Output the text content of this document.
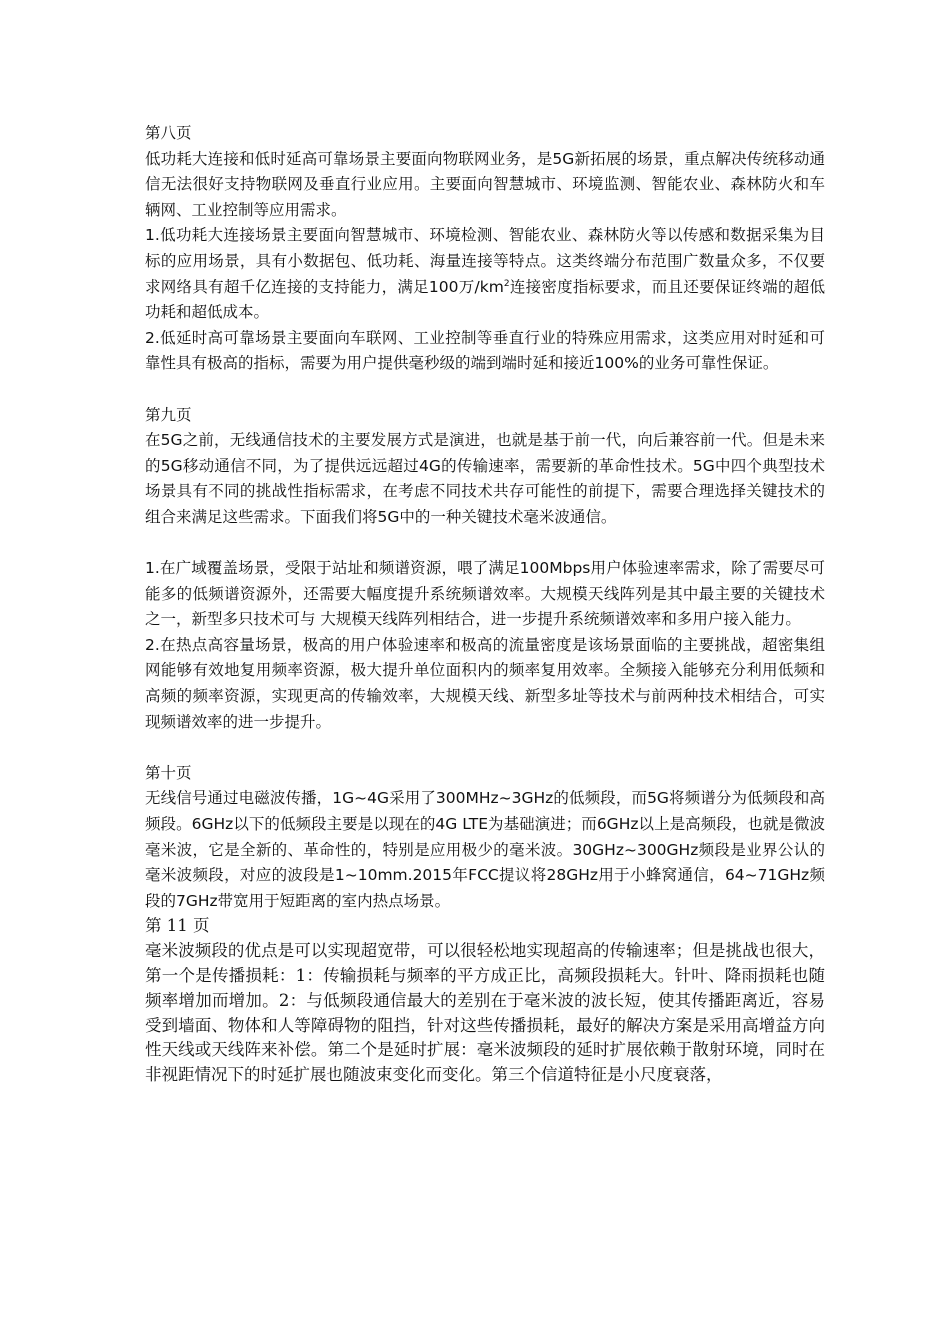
第八页

低功耗大连接和低时延高可靠场景主要面向物联网业务，是5G新拓展的场景，重点解决传统移动通信无法很好支持物联网及垂直行业应用。主要面向智慧城市、环境监测、智能农业、森林防火和车辆网、工业控制等应用需求。

1.低功耗大连接场景主要面向智慧城市、环境检测、智能农业、森林防火等以传感和数据采集为目标的应用场景，具有小数据包、低功耗、海量连接等特点。这类终端分布范围广数量众多，不仅要求网络具有超千亿连接的支持能力，满足100万$/km^2$连接密度指标要求，而且还要保证终端的超低功耗和超低成本。

2.低延时高可靠场景主要面向车联网、工业控制等垂直行业的特殊应用需求，这类应用对时延和可靠性具有极高的指标，需要为用户提供毫秒级的端到端时延和接近100%的业务可靠性保证。

第九页

在5G之前，无线通信技术的主要发展方式是演进，也就是基于前一代，向后兼容前一代。但是未来的5G移动通信不同，为了提供远远超过4G的传输速率，需要新的革命性技术。5G中四个典型技术场景具有不同的挑战性指标需求，在考虑不同技术共存可能性的前提下，需要合理选择关键技术的组合来满足这些需求。下面我们将5G中的一种关键技术毫米波通信。

1.在广域覆盖场景，受限于站址和频谱资源，喂了满足100Mbps用户体验速率需求，除了需要尽可能多的低频谱资源外，还需要大幅度提升系统频谱效率。大规模天线阵列是其中最主要的关键技术之一，新型多只技术可与 大规模天线阵列相结合，进一步提升系统频谱效率和多用户接入能力。

2.在热点高容量场景，极高的用户体验速率和极高的流量密度是该场景面临的主要挑战，超密集组网能够有效地复用频率资源，极大提升单位面积内的频率复用效率。全频接入能够充分利用低频和高频的频率资源，实现更高的传输效率，大规模天线、新型多址等技术与前两种技术相结合，可实现频谱效率的进一步提升。

第十页

无线信号通过电磁波传播，1G~4G采用了300MHz~3GHz的低频段，而5G将频谱分为低频段和高频段。6GHz以下的低频段主要是以现在的4G LTE为基础演进；而6GHz以上是高频段，也就是微波毫米波，它是全新的、革命性的，特别是应用极少的毫米波。30GHz~300GHz频段是业界公认的毫米波频段，对应的波段是1~10mm.2015年FCC提议将28GHz用于小蜂窝通信，64~71GHz频段的7GHz带宽用于短距离的室内热点场景。

第 11 页

毫米波频段的优点是可以实现超宽带，可以很轻松地实现超高的传输速率；但是挑战也很大，第一个是传播损耗：1：传输损耗与频率的平方成正比，高频段损耗大。针叶、降雨损耗也随频率增加而增加。2：与低频段通信最大的差别在于毫米波的波长短，使其传播距离近，容易受到墙面、物体和人等障碍物的阻挡，针对这些传播损耗，最好的解决方案是采用高增益方向性天线或天线阵来补偿。第二个是延时扩展：毫米波频段的延时扩展依赖于散射环境，同时在非视距情况下的时延扩展也随波束变化而变化。第三个信道特征是小尺度衰落，
